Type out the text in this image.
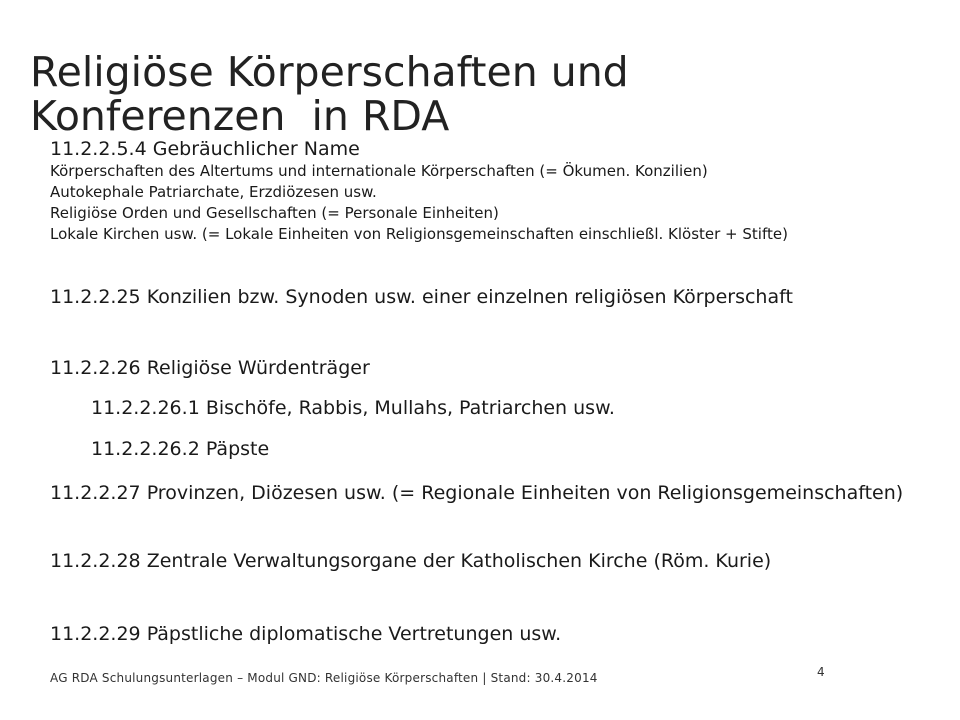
Religiöse Körperschaften und
Konferenzen  in RDA
11.2.2.5.4 Gebräuchlicher Name
Körperschaften des Altertums und internationale Körperschaften (= Ökumen. Konzilien)
Autokephale Patriarchate, Erzdiözesen usw.
Religiöse Orden und Gesellschaften (= Personale Einheiten)
Lokale Kirchen usw. (= Lokale Einheiten von Religionsgemeinschaften einschließl. Klöster + Stifte)
11.2.2.25 Konzilien bzw. Synoden usw. einer einzelnen religiösen Körperschaft
11.2.2.26 Religiöse Würdenträger
11.2.2.26.1 Bischöfe, Rabbis, Mullahs, Patriarchen usw.
11.2.2.26.2 Päpste
11.2.2.27 Provinzen, Diözesen usw. (= Regionale Einheiten von Religionsgemeinschaften)
11.2.2.28 Zentrale Verwaltungsorgane der Katholischen Kirche (Röm. Kurie)
11.2.2.29 Päpstliche diplomatische Vertretungen usw.
AG RDA Schulungsunterlagen – Modul GND: Religiöse Körperschaften | Stand: 30.4.2014	4
